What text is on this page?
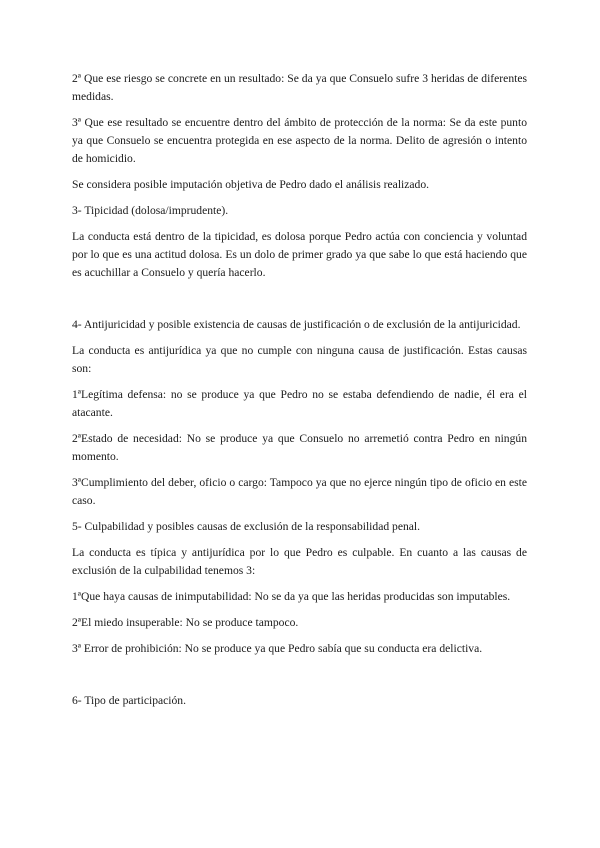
2ª Que ese riesgo se concrete en un resultado: Se da ya que Consuelo sufre 3 heridas de diferentes medidas.

3ª Que ese resultado se encuentre dentro del ámbito de protección de la norma: Se da este punto ya que Consuelo se encuentra protegida en ese aspecto de la norma. Delito de agresión o intento de homicidio.

Se considera posible imputación objetiva de Pedro dado el análisis realizado.

3- Tipicidad (dolosa/imprudente).

La conducta está dentro de la tipicidad, es dolosa porque Pedro actúa con conciencia y voluntad por lo que es una actitud dolosa. Es un dolo de primer grado ya que sabe lo que está haciendo que es acuchillar a Consuelo y quería hacerlo.

4- Antijuricidad y posible existencia de causas de justificación o de exclusión de la antijuricidad.

La conducta es antijurídica ya que no cumple con ninguna causa de justificación. Estas causas son:

1ªLegítima defensa: no se produce ya que Pedro no se estaba defendiendo de nadie, él era el atacante.

2ªEstado de necesidad: No se produce ya que Consuelo no arremetió contra Pedro en ningún momento.

3ªCumplimiento del deber, oficio o cargo: Tampoco ya que no ejerce ningún tipo de oficio en este caso.

5- Culpabilidad y posibles causas de exclusión de la responsabilidad penal.

La conducta es típica y antijurídica por lo que Pedro es culpable. En cuanto a las causas de exclusión de la culpabilidad tenemos 3:

1ªQue haya causas de inimputabilidad: No se da ya que las heridas producidas son imputables.

2ªEl miedo insuperable: No se produce tampoco.

3ª Error de prohibición: No se produce ya que Pedro sabía que su conducta era delictiva.

6- Tipo de participación.
